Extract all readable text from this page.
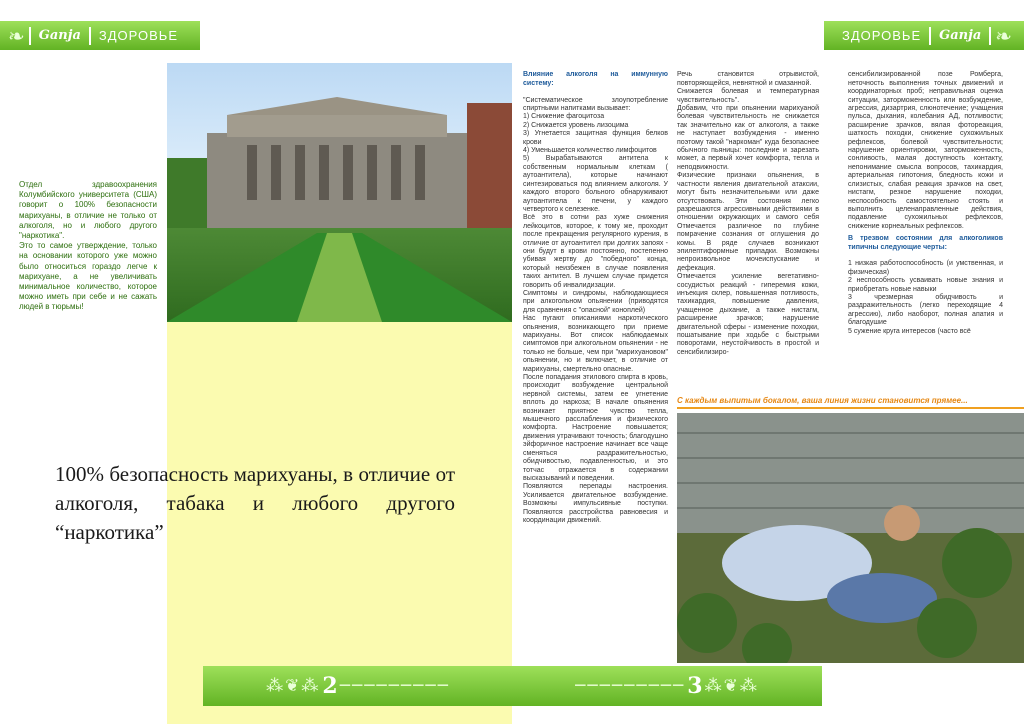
❧	Ganja	ЗДОРОВЬЕ	ЗДОРОВЬЕ	Ganja ❧
Отдел здравоохранения Колумбийского университета (США) говорит о 100% безопасности марихуаны, в отличие не только от алкоголя, но и любого другого "наркотика".
Это то самое утверждение, только на основании которого уже можно было относиться гораздо легче к марихуане, а не увеличивать минимальное количество, которое можно иметь при себе и не сажать людей в тюрьмы!
100% безопасность марихуаны, в отличие от алкоголя, табака и любого другого “наркотика”

Влияние алкоголя на иммунную систему:

"Систематическое злоупотребление спиртными напитками вызывает:
1) Снижение фагоцитоза
2) Снижается уровень лизоцима
3) Угнетается защитная функция белков крови
4) Уменьшается количество лимфоцитов
5) Вырабатываются антитела к собственным нормальным клеткам ( аутоантитела), которые начинают синтезироваться под влиянием алкоголя. У каждого второго больного обнаруживают аутоантитела к печени, у каждого четвертого к селезенке.
Всё это в сотни раз хуже снижения лейкоцитов, которое, к тому же, проходит после прекращения регулярного курения, в отличие от аутоантител при долгих запоях - они будут в крови постоянно, постепенно убивая жертву до "победного" конца, который неизбежен в случае появления таких антител. В лучшем случае придется говорить об инвалидизации.
Симптомы и синдромы, наблюдающиеся при алкогольном опьянении (приводятся для сравнения с "опасной" коноплей)
Нас пугают описаниями наркотического опьянения, возникающего при приеме марихуаны. Вот список наблюдаемых симптомов при алкогольном опьянении - не только не больше, чем при "марихуановом" опьянении, но и включает, в отличие от марихуаны, смертельно опасные.
После попадания этилового спирта в кровь, происходит возбуждение центральной нервной системы, затем ее угнетение вплоть до наркоза; В начале опьянения возникает приятное чувство тепла, мышечного расслабления и физического комфорта. Настроение повышается; движения утрачивают точность; благодушно эйфоричное настроение начинает все чаще сменяться раздражительностью, обидчивостью, подавленностью, и это тотчас отражается в содержании высказываний и поведении.
Появляются перепады настроения. Усиливается двигательное возбуждение. Возможны импульсивные поступки. Появляются расстройства равновесия и координации движений.

Речь становится отрывистой, повторяющейся, невнятной и смазанной.
Снижается болевая и температурная чувствительность".
Добавим, что при опьянении марихуаной болевая чувствительность не снижается так значительно как от алкоголя, а также не наступает возбуждения - именно поэтому такой "наркоман" куда безопаснее обычного пьяницы: последние и зарезать может, а первый хочет комфорта, тепла и неподвижности.
Физические признаки опьянения, в частности явления двигательной атаксии, могут быть незначительными или даже отсутствовать. Эти состояния легко разрешаются агрессивными действиями в отношении окружающих и самого себя Отмечается различное по глубине помрачение сознания от оглушения до комы. В ряде случаев возникают эпилептиформные припадки. Возможны непроизвольное мочеиспускание и дефекация.
Отмечается усиление вегетативно-сосудистых реакций - гиперемия кожи, инъекция склер, повышенная потливость, тахикардия, повышение давления, учащенное дыхание, а также нистагм, расширение зрачков; нарушение двигательной сферы - изменение походки, пошатывание при ходьбе с быстрыми поворотами, неустойчивость в простой и сенсибилизиро-

сенсибилизированной позе Ромберга, неточность выполнения точных движений и координаторных проб; неправильная оценка ситуации, заторможенность или возбуждение, агрессия, дизартрия, слюнотечение; учащения пульса, дыхания, колебания АД, потливости; расширение зрачков, вялая фотореакция, шаткость походки, снижение сухожильных рефлексов, болевой чувствительности; нарушение ориентировки, заторможенность, сонливость, малая доступность контакту, непонимание смысла вопросов, тахикардия, артериальная гипотония, бледность кожи и слизистых, слабая реакция зрачков на свет, нистагм, резкое нарушение походки, неспособность самостоятельно стоять и выполнить целенаправленные действия, подавление сухожильных рефлексов, снижение корнеальных рефлексов.

В трезвом состоянии для алкоголиков типичны следующие черты:

1 низкая работоспособность (и умственная, и физическая)
2 неспособность усваивать новые знания и приобретать новые навыки
3 чрезмерная обидчивость и раздражительность (легко переходящие 4 агрессию), либо наоборот, полная апатия и благодушие
5 сужение круга интересов (часто всё

С каждым выпитым бокалом, ваша линия жизни становится прямее...
⁂❦⁂ 2 ─────────	───────── 3 ⁂❦⁂
